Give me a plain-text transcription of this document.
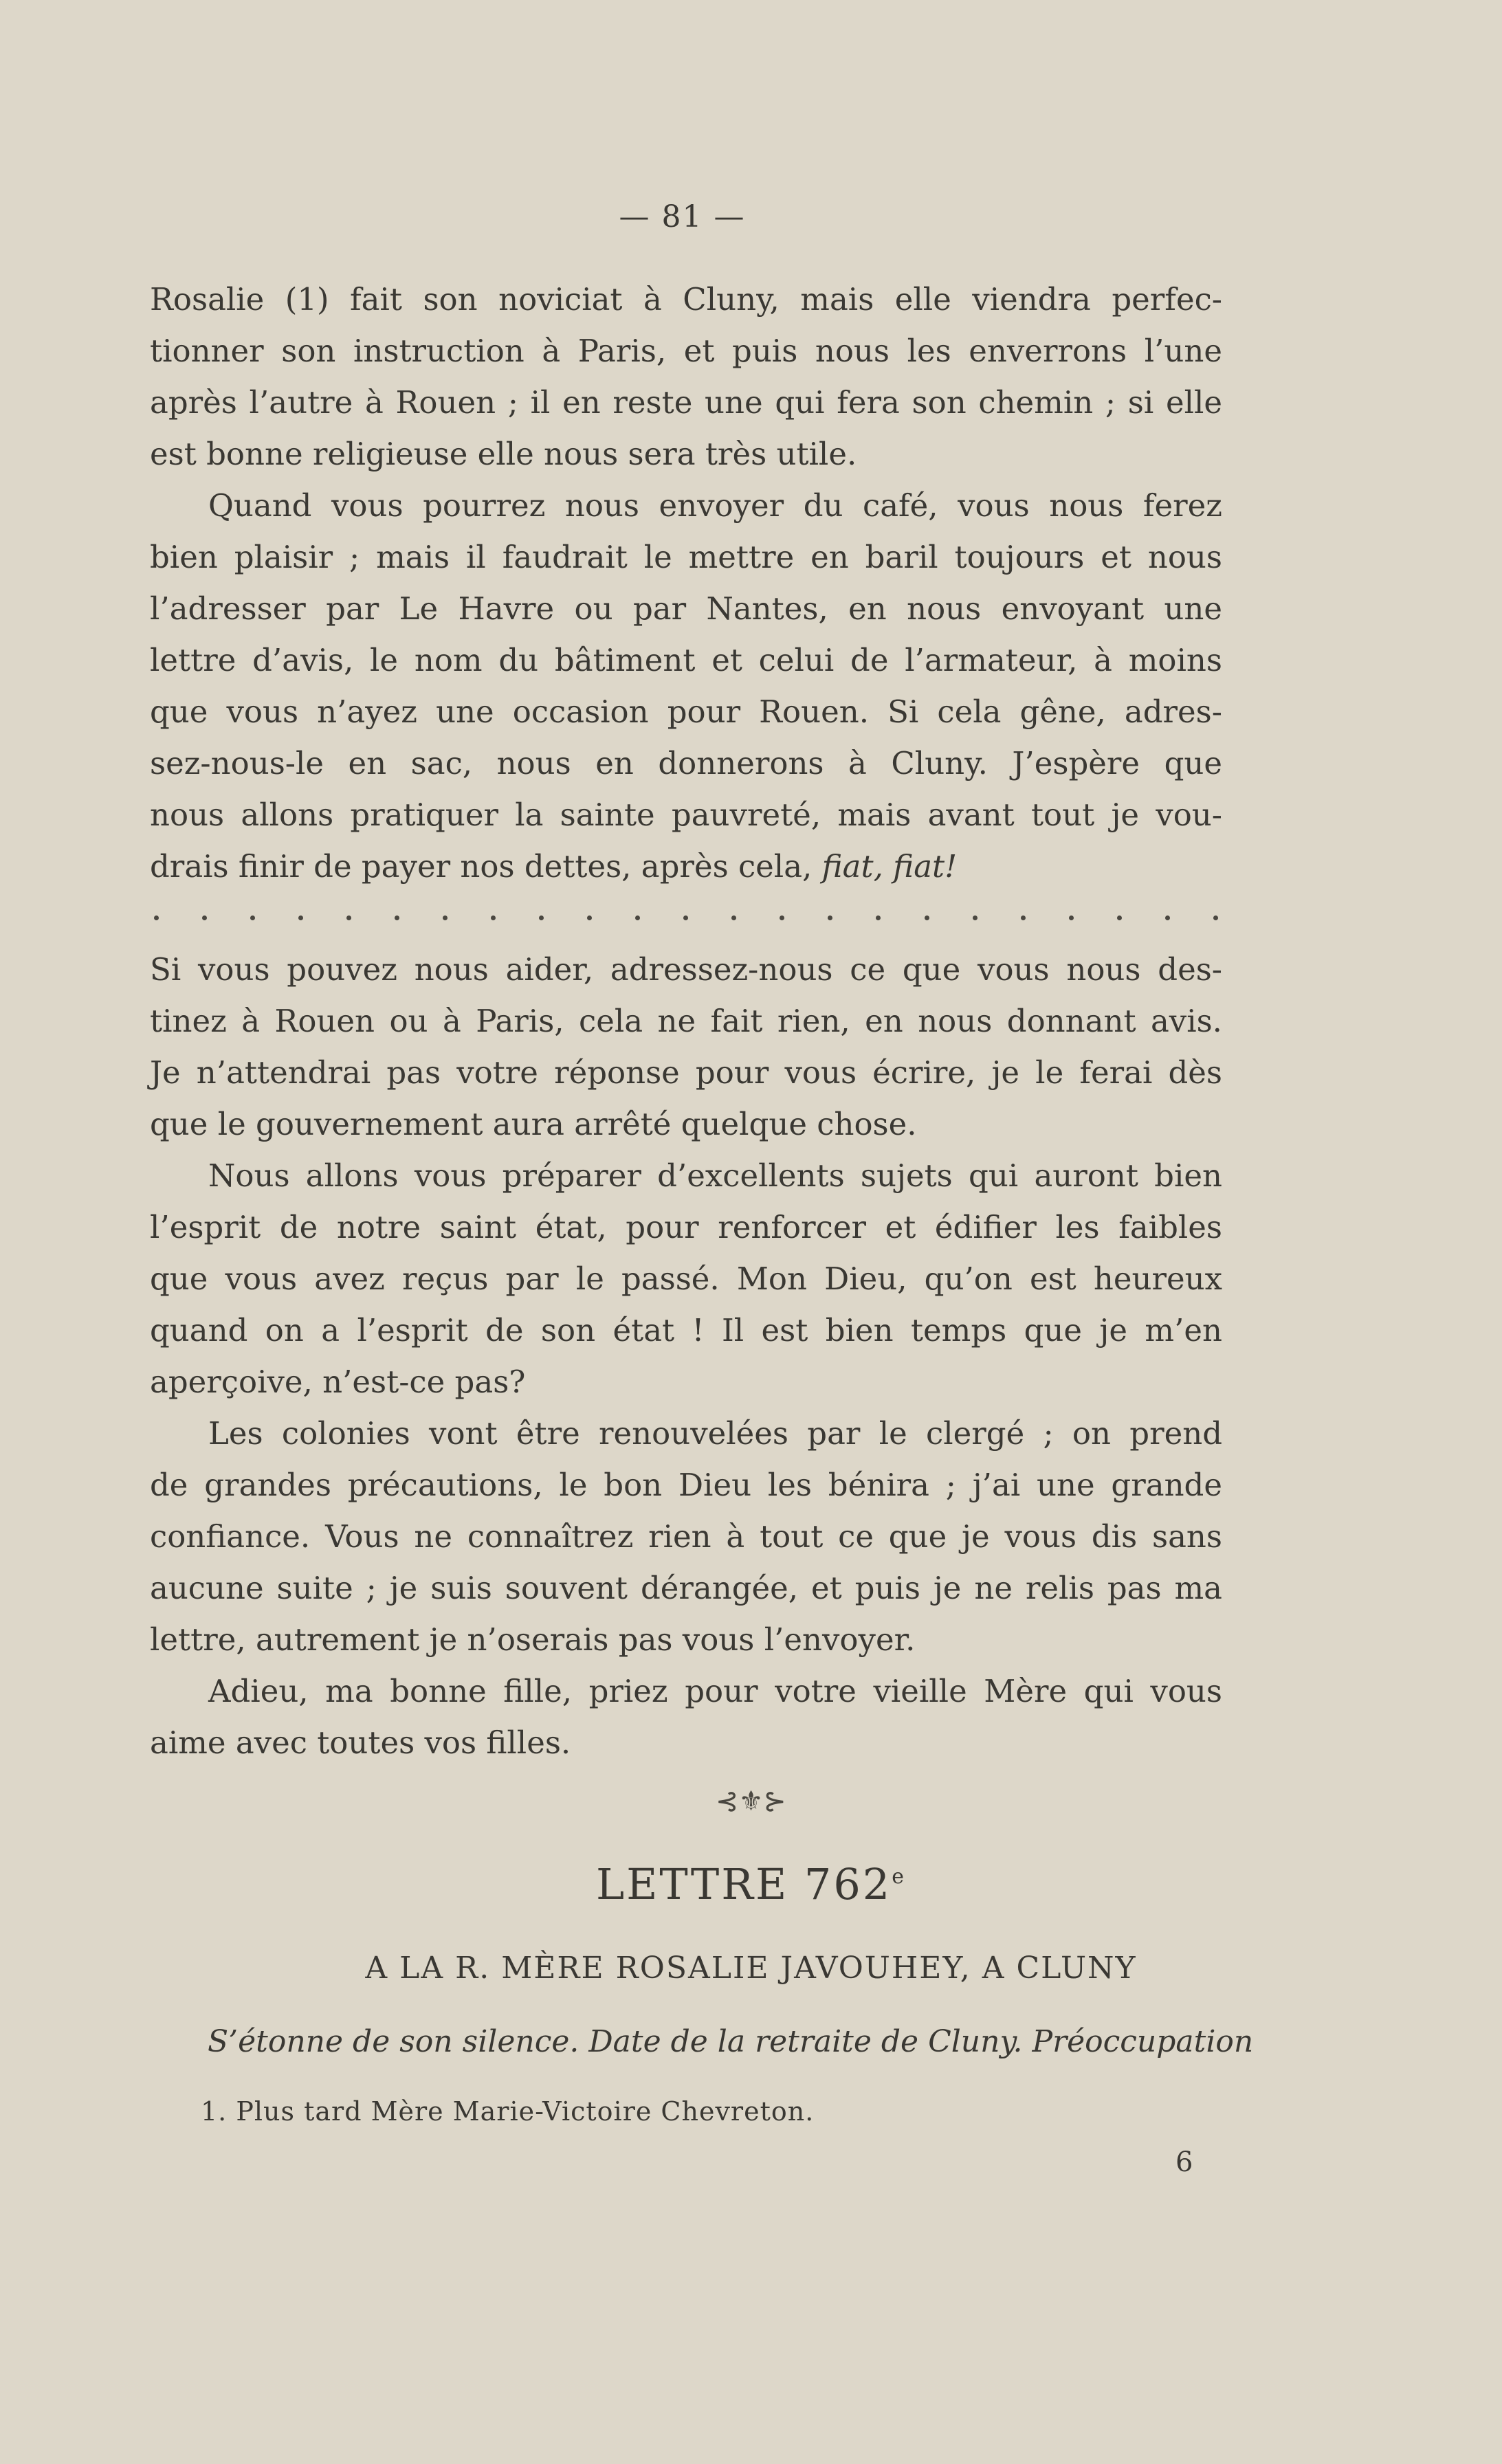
— 81 —
Rosalie (1) fait son noviciat à Cluny, mais elle viendra perfec-
tionner son instruction à Paris, et puis nous les enverrons l’une
après l’autre à Rouen ; il en reste une qui fera son chemin ; si elle
est bonne religieuse elle nous sera très utile.
Quand vous pourrez nous envoyer du café, vous nous ferez
bien plaisir ; mais il faudrait le mettre en baril toujours et nous
l’adresser par Le Havre ou par Nantes, en nous envoyant une
lettre d’avis, le nom du bâtiment et celui de l’armateur, à moins
que vous n’ayez une occasion pour Rouen. Si cela gêne, adres-
sez-nous-le en sac, nous en donnerons à Cluny. J’espère que
nous allons pratiquer la sainte pauvreté, mais avant tout je vou-
drais finir de payer nos dettes, après cela, fiat, fiat!
Si vous pouvez nous aider, adressez-nous ce que vous nous des-
tinez à Rouen ou à Paris, cela ne fait rien, en nous donnant avis.
Je n’attendrai pas votre réponse pour vous écrire, je le ferai dès
que le gouvernement aura arrêté quelque chose.
Nous allons vous préparer d’excellents sujets qui auront bien
l’esprit de notre saint état, pour renforcer et édifier les faibles
que vous avez reçus par le passé. Mon Dieu, qu’on est heureux
quand on a l’esprit de son état ! Il est bien temps que je m’en
aperçoive, n’est-ce pas?
Les colonies vont être renouvelées par le clergé ; on prend
de grandes précautions, le bon Dieu les bénira ; j’ai une grande
confiance. Vous ne connaîtrez rien à tout ce que je vous dis sans
aucune suite ; je suis souvent dérangée, et puis je ne relis pas ma
lettre, autrement je n’oserais pas vous l’envoyer.
Adieu, ma bonne fille, priez pour votre vieille Mère qui vous
aime avec toutes vos filles.
⊰⚜⊱
LETTRE 762e
A LA R. MÈRE ROSALIE JAVOUHEY, A CLUNY
S’étonne de son silence. Date de la retraite de Cluny. Préoccupation
1. Plus tard Mère Marie-Victoire Chevreton.
6
